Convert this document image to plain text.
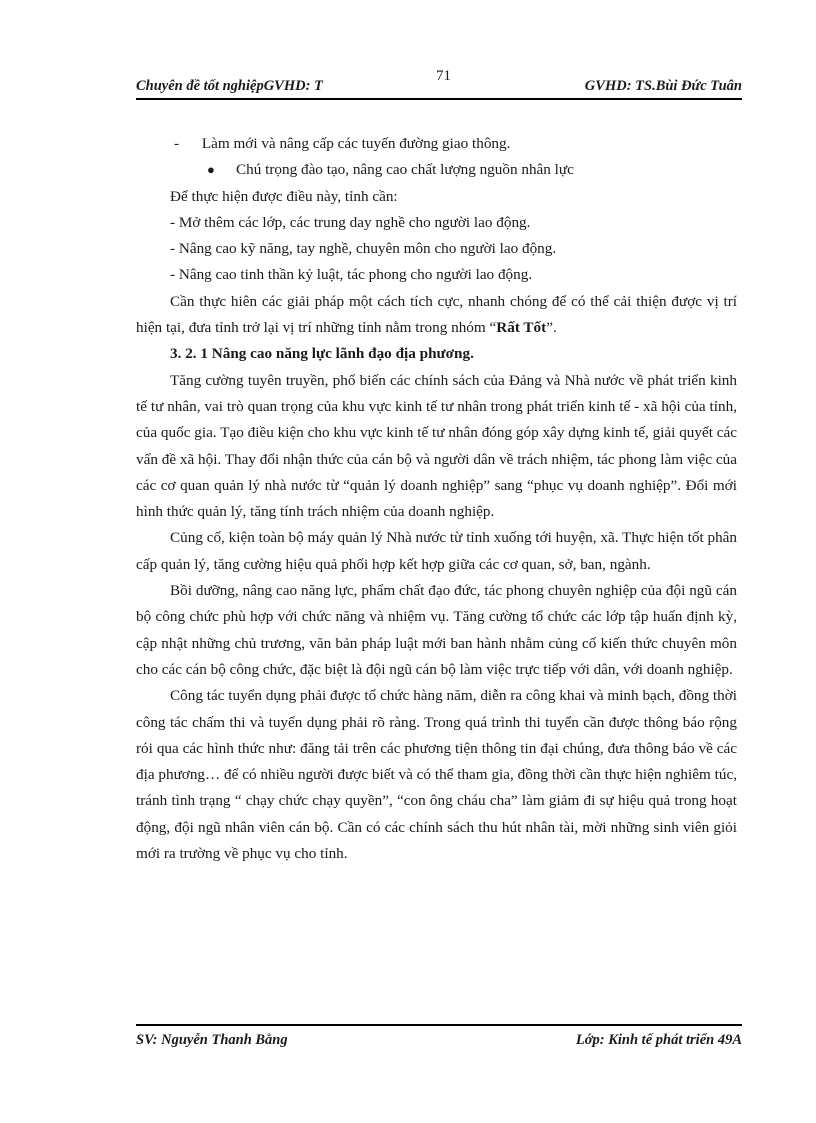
Chuyên đề tốt nghiệpGVHD: T
71
GVHD: TS.Bùi Đức Tuân

- Làm mới và nâng cấp các tuyến đường giao thông.

● Chú trọng đào tạo, nâng cao chất lượng nguồn nhân lực

Để thực hiện được điều này, tỉnh cần:

- Mở thêm các lớp, các trung day nghề cho người lao động.

- Nâng cao kỹ năng, tay nghề, chuyên môn cho người lao động.

- Nâng cao tinh thần kỷ luật, tác phong cho người lao động.

Cần thực hiên các giải pháp một cách tích cực, nhanh chóng để có thể cải thiện được vị trí hiện tại, đưa tỉnh trở lại vị trí những tỉnh nằm trong nhóm “Rất Tốt”.

3. 2. 1 Nâng cao năng lực lãnh đạo địa phương.

Tăng cường tuyên truyền, phổ biến các chính sách của Đảng và Nhà nước về phát triển kinh tế tư nhân, vai trò quan trọng của khu vực kinh tế tư nhân trong phát triển kinh tế - xã hội của tỉnh, của quốc gia. Tạo điều kiện cho khu vực kinh tế tư nhân đóng góp xây dựng kinh tế, giải quyết các vấn đề xã hội. Thay đổi nhận thức của cán bộ và người dân về trách nhiệm, tác phong làm việc của các cơ quan quản lý nhà nước từ “quản lý doanh nghiệp” sang “phục vụ doanh nghiệp”. Đổi mới hình thức quản lý, tăng tính trách nhiệm của doanh nghiệp.

Củng cố, kiện toàn bộ máy quản lý Nhà nước từ tỉnh xuống tới huyện, xã. Thực hiện tốt phân cấp quản lý, tăng cường hiệu quả phối hợp kết hợp giữa các cơ quan, sở, ban, ngành.

Bồi dưỡng, nâng cao năng lực, phẩm chất đạo đức, tác phong chuyên nghiệp của đội ngũ cán bộ công chức phù hợp với chức năng và nhiệm vụ. Tăng cường tổ chức các lớp tập huấn định kỳ, cập nhật những chủ trương, văn bản pháp luật mới ban hành nhằm củng cố kiến thức chuyên môn cho các cán bộ công chức, đặc biệt là đội ngũ cán bộ làm việc trực tiếp với dân, với doanh nghiệp.

Công tác tuyển dụng phải được tổ chức hàng năm, diễn ra công khai và minh bạch, đồng thời công tác chấm thi và tuyển dụng phải rõ ràng. Trong quá trình thi tuyển cần được thông báo rộng rói qua các hình thức như: đăng tải trên các phương tiện thông tin đại chúng, đưa thông báo về các địa phương… để có nhiều người được biết và có thể tham gia, đồng thời cần thực hiện nghiêm túc, tránh tình trạng “ chạy chức chạy quyền”, “con ông cháu cha” làm giảm đi sự hiệu quả trong hoạt động, đội ngũ nhân viên cán bộ. Cần có các chính sách thu hút nhân tài, mời những sinh viên giỏi mới ra trường về phục vụ cho tỉnh.

SV: Nguyễn Thanh Bằng	Lớp: Kinh tế phát triển 49A
